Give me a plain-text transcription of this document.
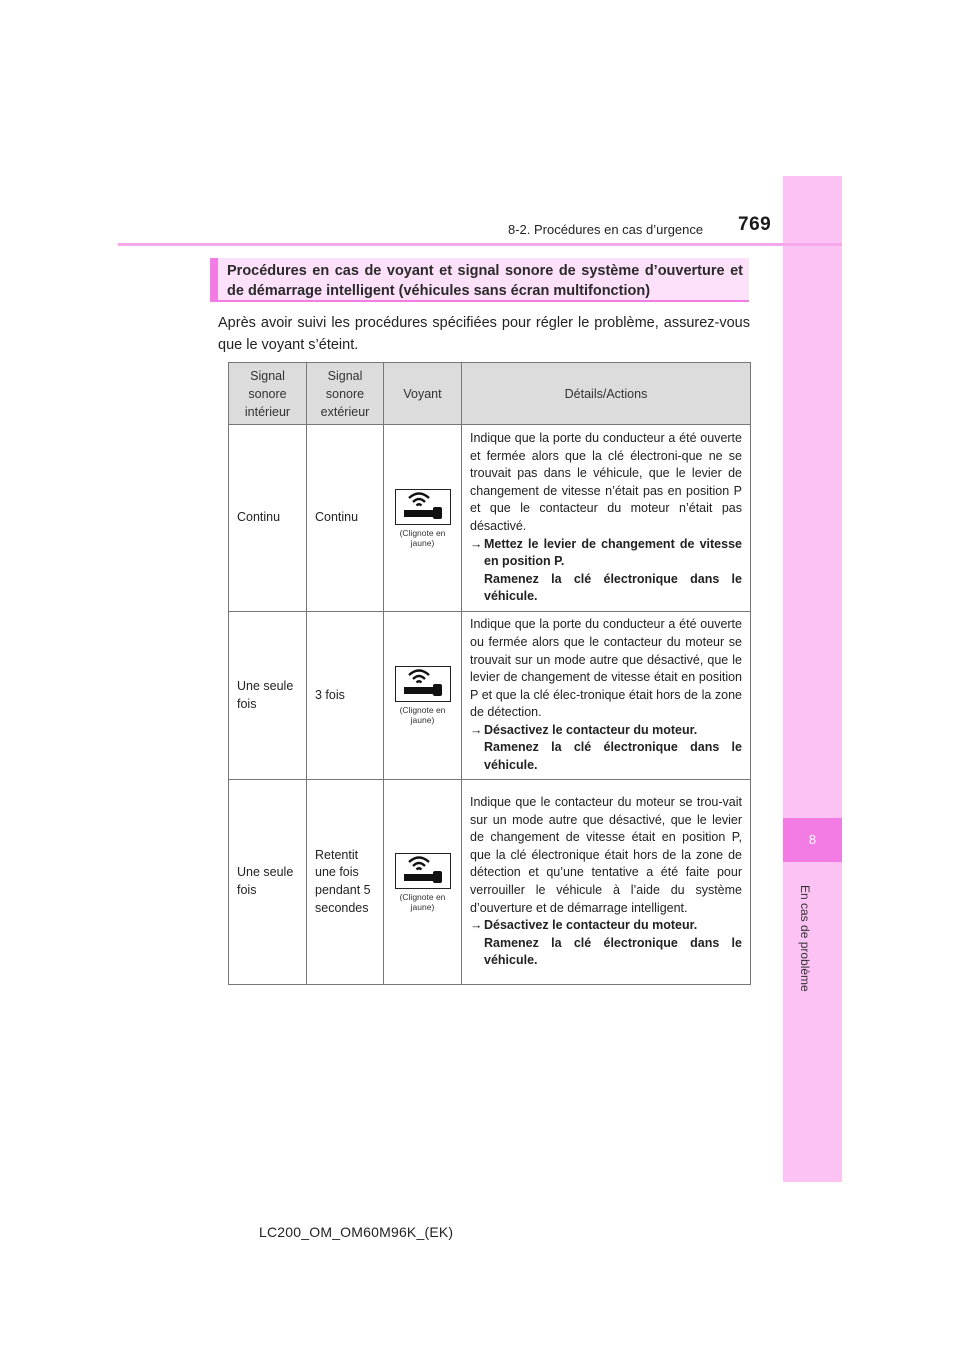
8
En cas de problème
8-2. Procédures en cas d’urgence 769
Procédures en cas de voyant et signal sonore de système d’ouverture et de démarrage intelligent (véhicules sans écran multifonction)
Après avoir suivi les procédures spécifiées pour régler le problème, assurez-vous que le voyant s’éteint.
Signal sonore intérieur	Signal sonore extérieur	Voyant	Détails/Actions
Continu	Continu	(Clignote en jaune)	Indique que la porte du conducteur a été ouverte et fermée alors que la clé électroni-que ne se trouvait pas dans le véhicule, que le levier de changement de vitesse n’était pas en position P et que le contacteur du moteur n’était pas désactivé.
→ Mettez le levier de changement de vitesse en position P.
Ramenez la clé électronique dans le véhicule.

Une seule fois	3 fois	(Clignote en jaune)	Indique que la porte du conducteur a été ouverte ou fermée alors que le contacteur du moteur se trouvait sur un mode autre que désactivé, que le levier de changement de vitesse était en position P et que la clé élec-tronique était hors de la zone de détection.
→ Désactivez le contacteur du moteur.
Ramenez la clé électronique dans le véhicule.

Une seule fois	Retentit une fois pendant 5 secondes	(Clignote en jaune)	Indique que le contacteur du moteur se trou-vait sur un mode autre que désactivé, que le levier de changement de vitesse était en position P, que la clé électronique était hors de la zone de détection et qu’une tentative a été faite pour verrouiller le véhicule à l’aide du système d’ouverture et de démarrage intelligent.
→ Désactivez le contacteur du moteur.
Ramenez la clé électronique dans le véhicule.
LC200_OM_OM60M96K_(EK)
